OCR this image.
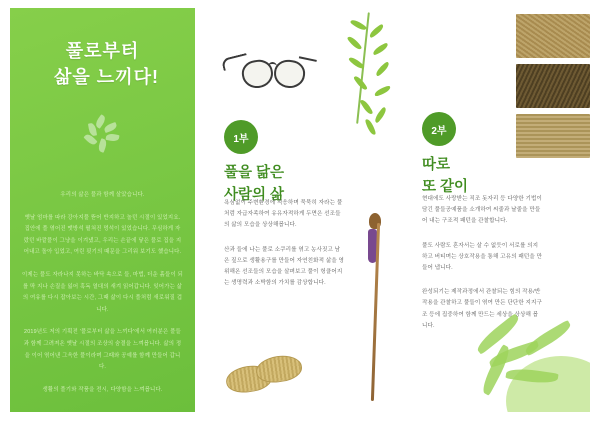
풀로부터
삶을 느끼다!

우리의 삶은 풀과 함께 살았습니다.

옛날 엄마를 따라 강아지풀 뜯어 반지하고 놀던 시절이 있었지요. 집안에 풀 엮어진 맷방석 펼쳐진 멍석이 있었습니다. 무심하게 자랐던 바깥풀이 그냥을 이겨냈고, 우리는 손끝에 닿은 풀로 집을 지어내고 돌아 입었고, 여린 핏기의 때문을 그리워 보기도 했습니다.

이제는 풀도 자라나지 못하는 바닥 속으로 들, 마법, 더운 흙들이 되를 딱 지나 손질을 잃어 혹독 열대의 새겨 읽어갑니다. 잊어가는 삶의 여유를 다시 잡아보는 시간, 그때 삶이 다시 풀처럼 새로워질 겁니다.

2019년도 저의 기획전 '풀로부터 삶을 느끼다'에서 여러분은 풀들과 함께 그려져온 옛날 시절의 조상의 숨결을 느껴봅니다. 삶의 정을 이어 엮어낸 그윽한 풀이라며 그때와 공예를 함께 만들어 갑니다.

생활의 풀기와 작품을 전시, 다양함을 느껴봅니다.

1부
풀을 닮은
사람의 삶

욕심없이 주변환경에 적응하며 묵묵히 자라는 풀처럼 자급자족하여 유유자적하게 두면은 선조들의 삶의 모습을 상상해봅니다.

산과 들에 나는 풀로 소쿠리를 엮고 농사짓고 남은 짚으로 생활용구를 만들어 자연친화적 삶을 영위해온 선조들의 모습을 살펴보고 풀이 헝클어지는 생명력과 소박함의 가치를 감상합니다.

2부
따로
또 같이

현대에도 사랑받는 직조 돗자리 등 다양한 기법이 담긴 풀들공예품을 소개하여 씨줄과 날줄을 만들어 내는 구조적 패턴을 관찰합니다.

풀도 사람도 혼자서는 살 수 없듯이 서로를 의지하고 버티며는 상호작용을 통해 고유의 패턴을 만들어 냅니다.

완성되기는 제작과정에서 관찰되는 힘의 작용/반작용을 관찰하고 풀들이 엮여 만든 단단한 지지구조 등에 집중하여 함께 만드는 세상을 상상해 봅니다.
